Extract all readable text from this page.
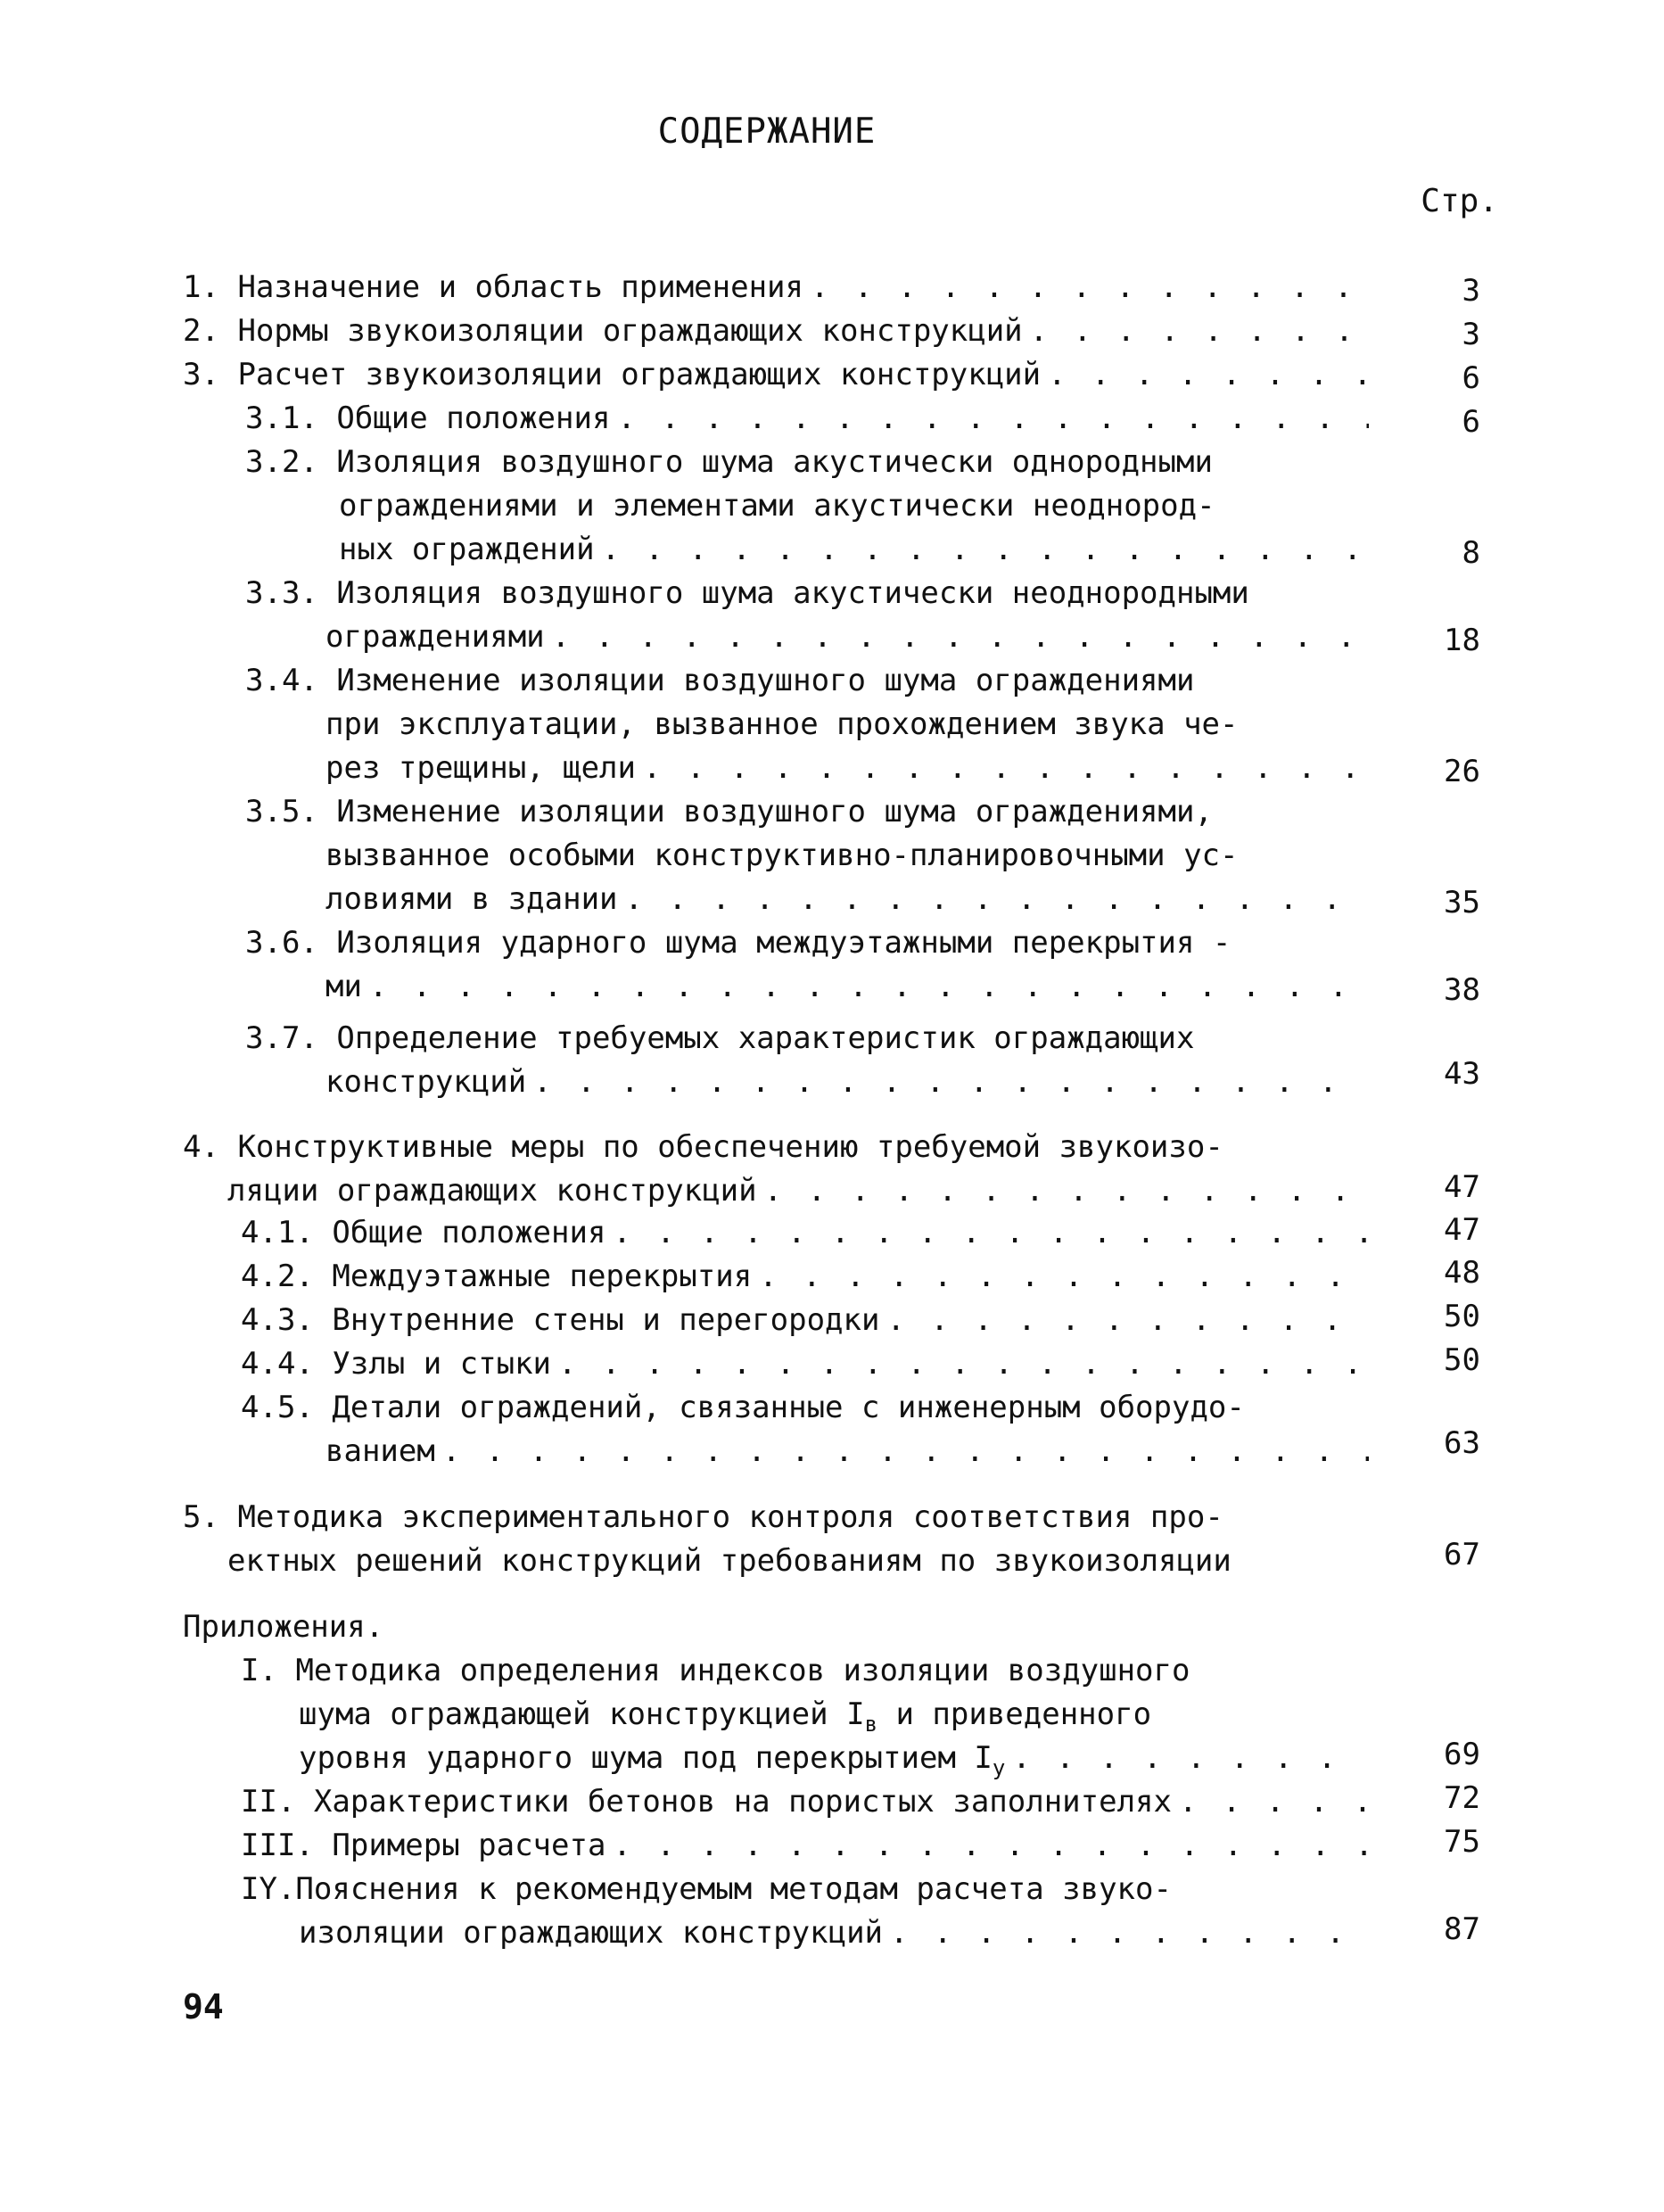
СОДЕРЖАНИЕ
Стр.
1. Назначение и область применения . . .	3
2. Нормы звукоизоляции ограждающих конструкций . . .	3
3. Расчет звукоизоляции ограждающих конструкций . . .	6
3.1. Общие положения . . .	6
3.2. Изоляция воздушного шума акустически однородными
ограждениями и элементами акустически неоднород-
ных ограждений . . .	8
3.3. Изоляция воздушного шума акустически неоднородными
ограждениями . . .	18
3.4. Изменение изоляции воздушного шума ограждениями
при эксплуатации, вызванное прохождением звука че-
рез трещины, щели . . .	26
3.5. Изменение изоляции воздушного шума ограждениями,
вызванное особыми конструктивно-планировочными ус-
ловиями в здании . . .	35
3.6. Изоляция ударного шума междуэтажными перекрытия -
ми . . .	38
3.7. Определение требуемых характеристик ограждающих
конструкций . . .	43
4. Конструктивные меры по обеспечению требуемой звукоизо-
ляции ограждающих конструкций . . .	47
4.1. Общие положения . . .	47
4.2. Междуэтажные перекрытия . . .	48
4.3. Внутренние стены и перегородки . . .	50
4.4. Узлы и стыки . . .	50
4.5. Детали ограждений, связанные с инженерным оборудо-
ванием . . .	63
5. Методика экспериментального контроля соответствия про-
ектных решений конструкций требованиям по звукоизоляции	67
Приложения.
I. Методика определения индексов изоляции воздушного
шума ограждающей конструкцией $I_в$ и приведенного
уровня ударного шума под перекрытием $I_у$ . . .	69
II. Характеристики бетонов на пористых заполнителях . . .	72
III. Примеры расчета . . .	75
IY.Пояснения к рекомендуемым методам расчета звуко-
изоляции ограждающих конструкций . . .	87
94
